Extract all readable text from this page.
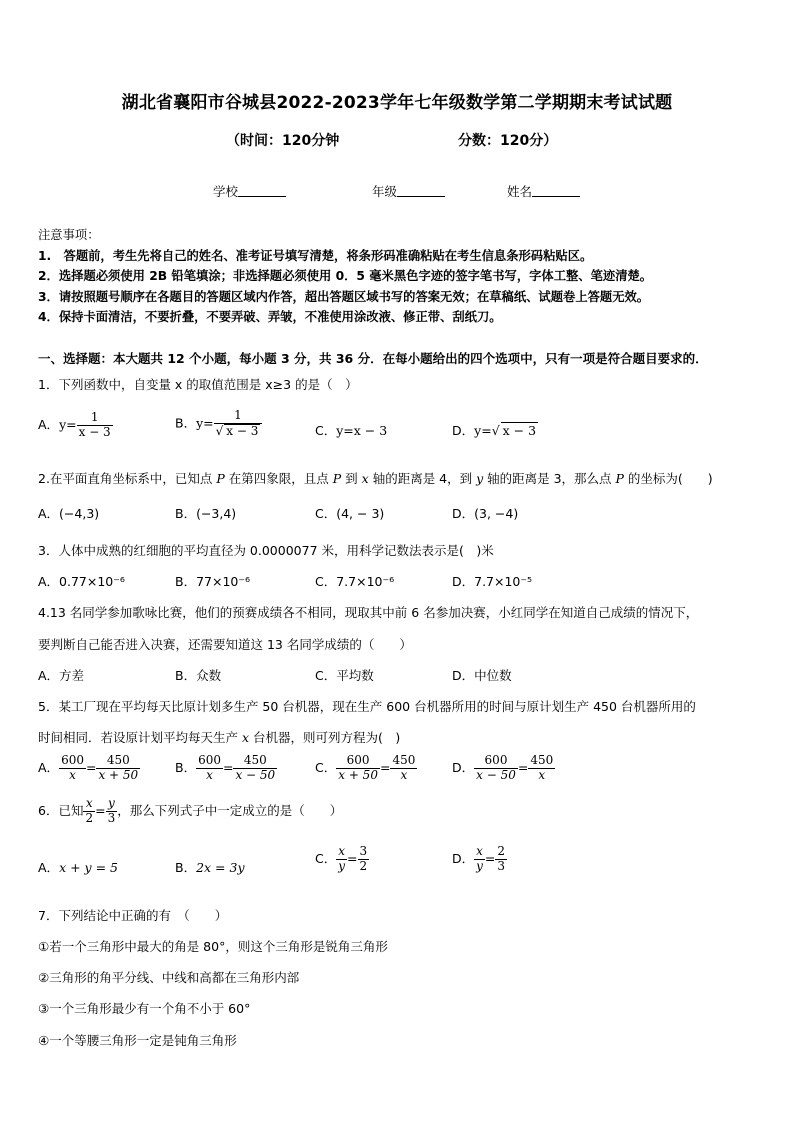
湖北省襄阳市谷城县2022-2023学年七年级数学第二学期期末考试试题
（时间：120分钟	分数：120分）
学校	年级	姓名
注意事项：
1.　答题前，考生先将自己的姓名、准考证号填写清楚，将条形码准确粘贴在考生信息条形码粘贴区。
2．选择题必须使用 2B 铅笔填涂；非选择题必须使用 0．5 毫米黑色字迹的签字笔书写，字体工整、笔迹清楚。
3．请按照题号顺序在各题目的答题区域内作答，超出答题区域书写的答案无效；在草稿纸、试题卷上答题无效。
4．保持卡面清洁，不要折叠，不要弄破、弄皱，不准使用涂改液、修正带、刮纸刀。
一、选择题：本大题共 12 个小题，每小题 3 分，共 36 分．在每小题给出的四个选项中，只有一项是符合题目要求的．
1．下列函数中，自变量 x 的取值范围是 x≥3 的是（　）
A．$y= \frac{1}{x - 3}$	B．$y= \frac{1}{√ x - 3}$	C．y=x − 3	D．y=√ x − 3
2.在平面直角坐标系中，已知点 P 在第四象限，且点 P 到 x 轴的距离是 4，到 y 轴的距离是 3，那么点 P 的坐标为(　　)
A．(−4,3)	B．(−3,4)	C．(4, − 3)	D．(3, −4)
3．人体中成熟的红细胞的平均直径为 0.0000077 米，用科学记数法表示是(　)米
A．0.77×10⁻⁶	B．77×10⁻⁶	C．7.7×10⁻⁶	D．7.7×10⁻⁵
4.13 名同学参加歌咏比赛，他们的预赛成绩各不相同，现取其中前 6 名参加决赛，小红同学在知道自己成绩的情况下，
要判断自己能否进入决赛，还需要知道这 13 名同学成绩的（　　）
A．方差	B．众数	C．平均数	D．中位数
5．某工厂现在平均每天比原计划多生产 50 台机器，现在生产 600 台机器所用的时间与原计划生产 450 台机器所用的
时间相同．若设原计划平均每天生产 x 台机器，则可列方程为(　)
A． $\frac{600}{x} = \frac{450}{x + 50}$	B． $\frac{600}{x} = \frac{450}{x - 50}$	C． $\frac{600}{x + 50} = \frac{450}{x}$	D． $\frac{600}{x - 50} = \frac{450}{x}$
6．已知 $\frac{x}{2} = \frac{y}{3}$ ，那么下列式子中一定成立的是（　　）
A．x + y = 5	B．2x = 3y
C． $\frac{x}{y} = \frac{3}{2}$	D． $\frac{x}{y} = \frac{2}{3}$
7．下列结论中正确的有　（　　）
①若一个三角形中最大的角是 80°，则这个三角形是锐角三角形
②三角形的角平分线、中线和高都在三角形内部
③一个三角形最少有一个角不小于 60°
④一个等腰三角形一定是钝角三角形
